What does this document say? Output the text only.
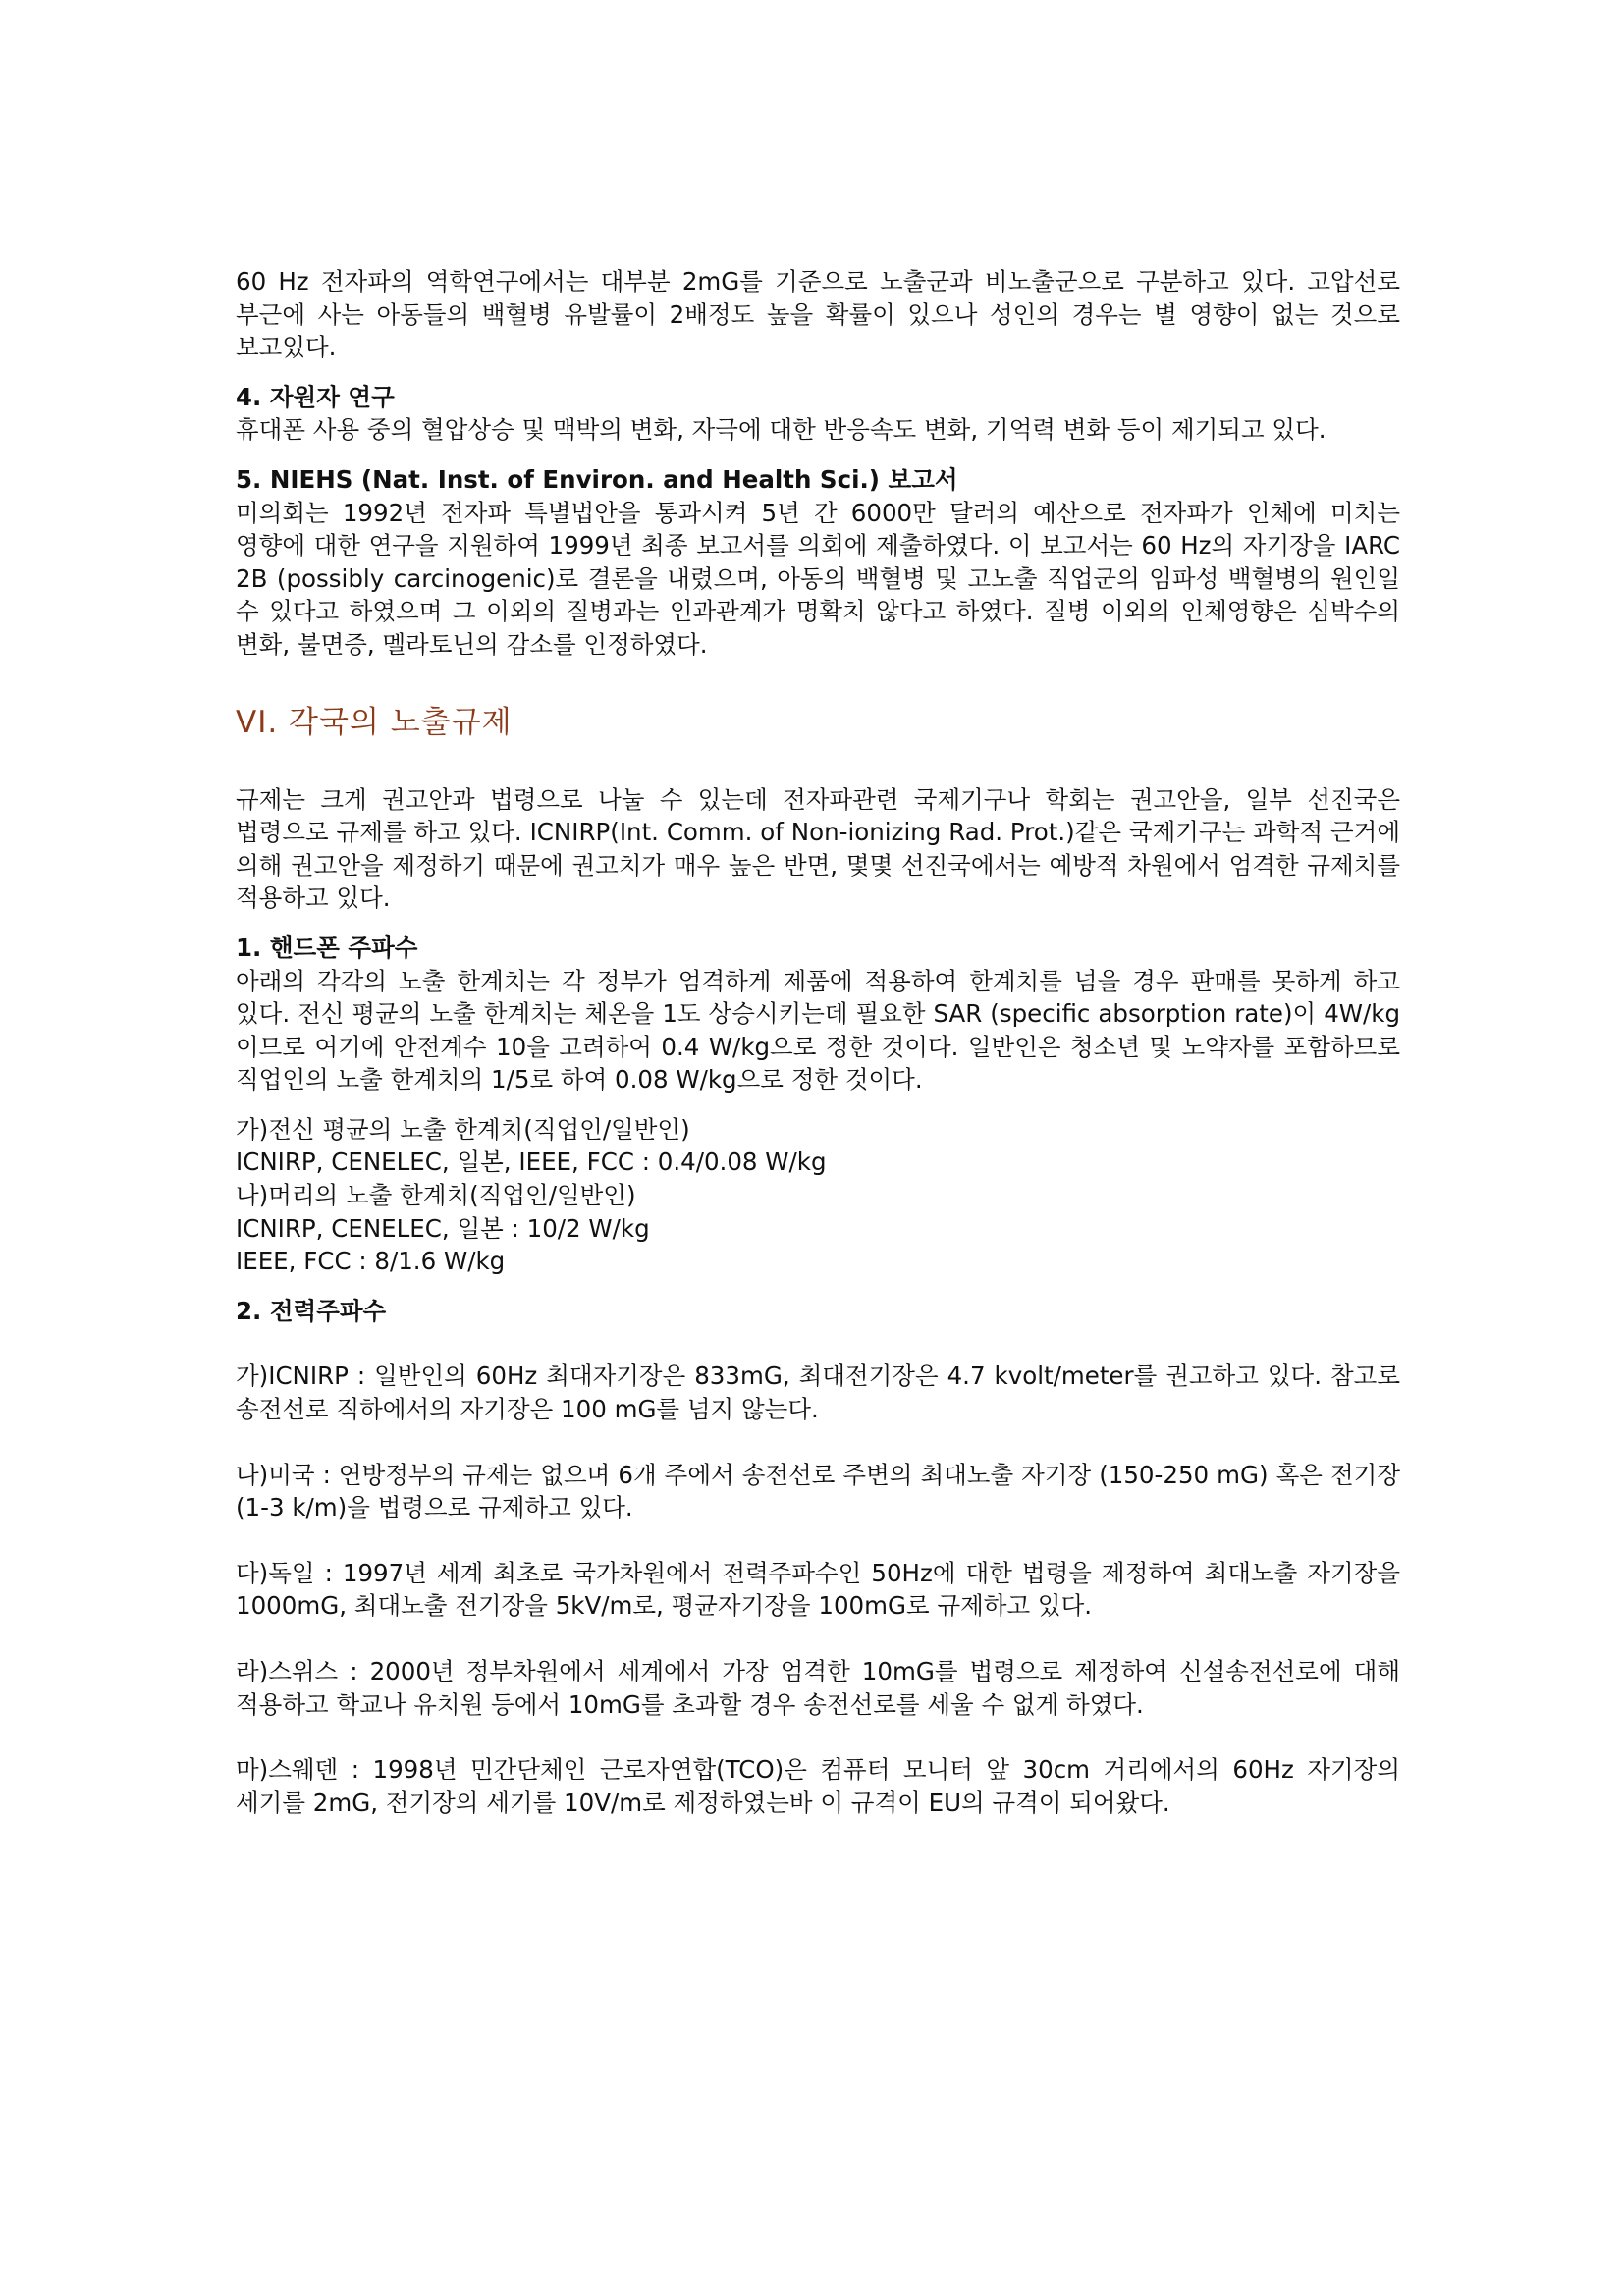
60 Hz 전자파의 역학연구에서는 대부분 2mG를 기준으로 노출군과 비노출군으로 구분하고 있다. 고압선로 부근에 사는 아동들의 백혈병 유발률이 2배정도 높을 확률이 있으나 성인의 경우는 별 영향이 없는 것으로 보고있다.

4. 자원자 연구

휴대폰 사용 중의 혈압상승 및 맥박의 변화, 자극에 대한 반응속도 변화, 기억력 변화 등이 제기되고 있다.

5. NIEHS (Nat. Inst. of Environ. and Health Sci.) 보고서

미의회는 1992년 전자파 특별법안을 통과시켜 5년 간 6000만 달러의 예산으로 전자파가 인체에 미치는 영향에 대한 연구을 지원하여 1999년 최종 보고서를 의회에 제출하였다. 이 보고서는 60 Hz의 자기장을 IARC 2B (possibly carcinogenic)로 결론을 내렸으며, 아동의 백혈병 및 고노출 직업군의 임파성 백혈병의 원인일 수 있다고 하였으며 그 이외의 질병과는 인과관계가 명확치 않다고 하였다. 질병 이외의 인체영향은 심박수의 변화, 불면증, 멜라토닌의 감소를 인정하였다.

VI. 각국의 노출규제

규제는 크게 권고안과 법령으로 나눌 수 있는데 전자파관련 국제기구나 학회는 권고안을, 일부 선진국은 법령으로 규제를 하고 있다. ICNIRP(Int. Comm. of Non-ionizing Rad. Prot.)같은 국제기구는 과학적 근거에 의해 권고안을 제정하기 때문에 권고치가 매우 높은 반면, 몇몇 선진국에서는 예방적 차원에서 엄격한 규제치를 적용하고 있다.

1. 핸드폰 주파수

아래의 각각의 노출 한계치는 각 정부가 엄격하게 제품에 적용하여 한계치를 넘을 경우 판매를 못하게 하고 있다. 전신 평균의 노출 한계치는 체온을 1도 상승시키는데 필요한 SAR (specific absorption rate)이 4W/kg 이므로 여기에 안전계수 10을 고려하여 0.4 W/kg으로 정한 것이다. 일반인은 청소년 및 노약자를 포함하므로 직업인의 노출 한계치의 1/5로 하여 0.08 W/kg으로 정한 것이다.

가)전신 평균의 노출 한계치(직업인/일반인)

ICNIRP, CENELEC, 일본, IEEE, FCC : 0.4/0.08 W/kg

나)머리의 노출 한계치(직업인/일반인)

ICNIRP, CENELEC, 일본 : 10/2 W/kg

IEEE, FCC : 8/1.6 W/kg

2. 전력주파수

가)ICNIRP : 일반인의 60Hz 최대자기장은 833mG, 최대전기장은 4.7 kvolt/meter를 권고하고 있다. 참고로 송전선로 직하에서의 자기장은 100 mG를 넘지 않는다.

나)미국 : 연방정부의 규제는 없으며 6개 주에서 송전선로 주변의 최대노출 자기장 (150-250 mG) 혹은 전기장(1-3 k/m)을 법령으로 규제하고 있다.

다)독일 : 1997년 세계 최초로 국가차원에서 전력주파수인 50Hz에 대한 법령을 제정하여 최대노출 자기장을 1000mG, 최대노출 전기장을 5kV/m로, 평균자기장을 100mG로 규제하고 있다.

라)스위스 : 2000년 정부차원에서 세계에서 가장 엄격한 10mG를 법령으로 제정하여 신설송전선로에 대해 적용하고 학교나 유치원 등에서 10mG를 초과할 경우 송전선로를 세울 수 없게 하였다.

마)스웨덴 : 1998년 민간단체인 근로자연합(TCO)은 컴퓨터 모니터 앞 30cm 거리에서의 60Hz 자기장의 세기를 2mG, 전기장의 세기를 10V/m로 제정하였는바 이 규격이 EU의 규격이 되어왔다.
